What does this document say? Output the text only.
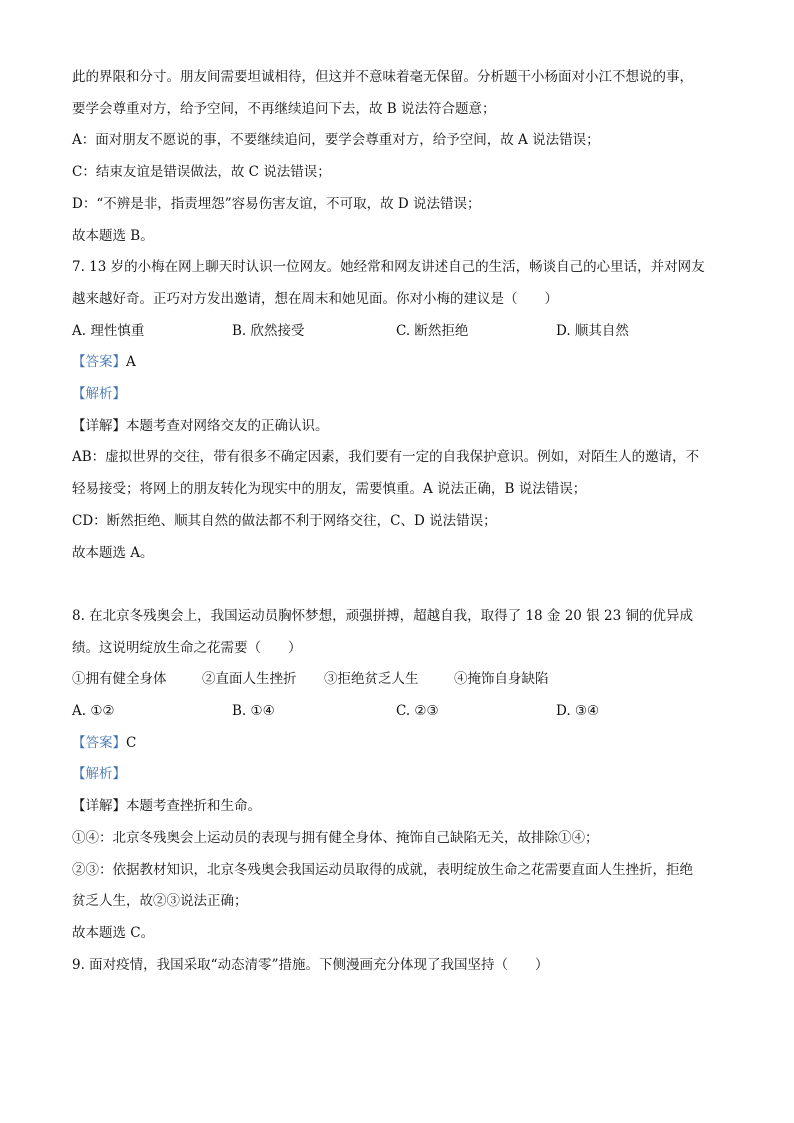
此的界限和分寸。朋友间需要坦诚相待，但这并不意味着毫无保留。分析题干小杨面对小江不想说的事，
要学会尊重对方，给予空间，不再继续追问下去，故 B 说法符合题意；
A：面对朋友不愿说的事，不要继续追问，要学会尊重对方，给予空间，故 A 说法错误；
C：结束友谊是错误做法，故 C 说法错误；
D：“不辨是非，指责埋怨”容易伤害友谊，不可取，故 D 说法错误；
故本题选 B。
7. 13 岁的小梅在网上聊天时认识一位网友。她经常和网友讲述自己的生活，畅谈自己的心里话，并对网友
越来越好奇。正巧对方发出邀请，想在周末和她见面。你对小梅的建议是（　　）
A. 理性慎重	B. 欣然接受	C. 断然拒绝	D. 顺其自然
【答案】A
【解析】
【详解】本题考查对网络交友的正确认识。
AB：虚拟世界的交往，带有很多不确定因素，我们要有一定的自我保护意识。例如，对陌生人的邀请，不
轻易接受；将网上的朋友转化为现实中的朋友，需要慎重。A 说法正确，B 说法错误；
CD：断然拒绝、顺其自然的做法都不利于网络交往，C、D 说法错误；
故本题选 A。
8. 在北京冬残奥会上，我国运动员胸怀梦想，顽强拼搏，超越自我，取得了 18 金 20 银 23 铜的优异成
绩。这说明绽放生命之花需要（　　）
①拥有健全身体	②直面人生挫折	③拒绝贫乏人生	④掩饰自身缺陷
A. ①②	B. ①④	C. ②③	D. ③④
【答案】C
【解析】
【详解】本题考查挫折和生命。
①④：北京冬残奥会上运动员的表现与拥有健全身体、掩饰自己缺陷无关，故排除①④；
②③：依据教材知识，北京冬残奥会我国运动员取得的成就，表明绽放生命之花需要直面人生挫折，拒绝
贫乏人生，故②③说法正确；
故本题选 C。
9. 面对疫情，我国采取“动态清零”措施。下侧漫画充分体现了我国坚持（　　）
